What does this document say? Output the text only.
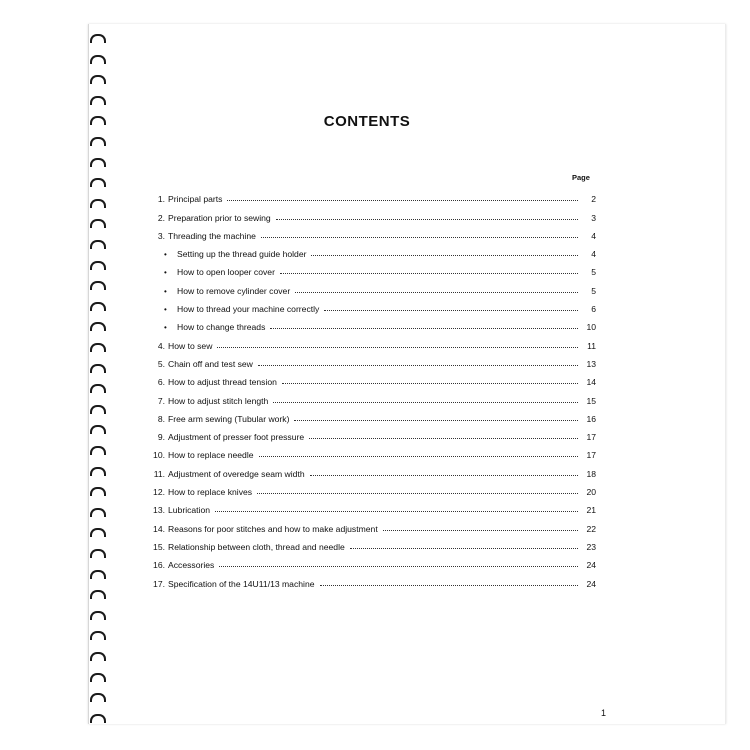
CONTENTS
Page
1. Principal parts	2
2. Preparation prior to sewing	3
3. Threading the machine	4
•	Setting up the thread guide holder	4
•	How to open looper cover	5
•	How to remove cylinder cover	5
•	How to thread your machine correctly	6
•	How to change threads	10
4. How to sew	11
5. Chain off and test sew	13
6. How to adjust thread tension	14
7. How to adjust stitch length	15
8. Free arm sewing (Tubular work)	16
9. Adjustment of presser foot pressure	17
10. How to replace needle	17
11. Adjustment of overedge seam width	18
12. How to replace knives	20
13. Lubrication	21
14. Reasons for poor stitches and how to make adjustment	22
15. Relationship between cloth, thread and needle	23
16. Accessories	24
17. Specification of the 14U11/13 machine	24
1
